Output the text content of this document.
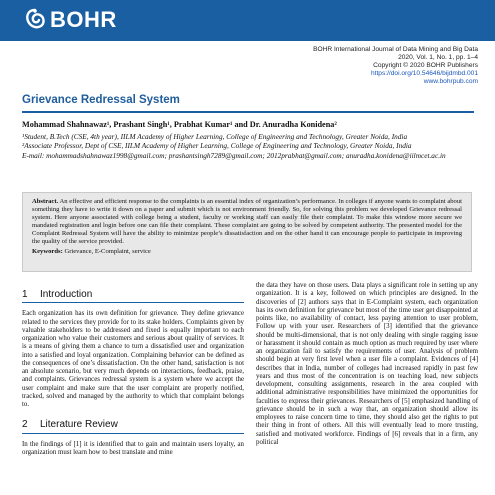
BOHR
BOHR International Journal of Data Mining and Big Data
2020, Vol. 1, No. 1, pp. 1–4
Copyright © 2020 BOHR Publishers
https://doi.org/10.54646/bijdmbd.001
www.bohrpub.com
Grievance Redressal System
Mohammad Shahnawaz¹, Prashant Singh¹, Prabhat Kumar¹ and Dr. Anuradha Konidena²

¹Student, B.Tech (CSE, 4th year), IILM Academy of Higher Learning, College of Engineering and Technology, Greater Noida, India

²Associate Professor, Dept of CSE, IILM Academy of Higher Learning, College of Engineering and Technology, Greater Noida, India

E-mail: mohammadshahnawaz1998@gmail.com; prashantsingh7289@gmail.com; 2012prabhat@gmail.com; anuradha.konidena@iilmcet.ac.in

Abstract. An effective and efficient response to the complaints is an essential index of organization’s performance. In colleges if anyone wants to complaint about something they have to write it down on a paper and submit which is not environment friendly. So, for solving this problem we developed Grievance redressal system. Here anyone associated with college being a student, faculty or working staff can easily file their complaint. To make this window more secure we mandated registration and login before one can file their complaint. These complaint are going to be solved by competent authority. The presented model for the Complaint Redressal System will have the ability to minimize people’s dissatisfaction and on the other hand it can encourage people to participate in improving the quality of the service provided.
Keywords: Grievance, E-Complaint, service
1 Introduction

Each organization has its own definition for grievance. They define grievance related to the services they provide for to its stake holders. Complaints given by valuable stakeholders to be addressed and fixed is equally important to each organization who value their customers and serious about quality of services. It is a means of giving them a chance to turn a dissatisfied user and organization into a satisfied and loyal organization. Complaining behavior can be defined as the consequences of one’s dissatisfaction. On the other hand, satisfaction is not an absolute scenario, but very much depends on interactions, feedback, praise, and complaints. Grievances redressal system is a system where we accept the user complaint and make sure that the user complaint are properly notified, tracked, solved and managed by the authority to which that complaint belongs to.

2 Literature Review

In the findings of [1] it is identified that to gain and maintain users loyalty, an organization must learn how to best translate and mine

the data they have on those users. Data plays a significant role in setting up any organization. It is a key, followed on which principles are designed. In the discoveries of [2] authors says that in E-Complaint system, each organization has its own definition for grievance but most of the time user get disappointed at points like, no availability of contact, less paying attention to user problem, Follow up with your user. Researchers of [3] identified that the grievance should be multi-dimensional, that is not only dealing with single ragging issue or harassment it should contain as much option as much required by user where an organization fail to satisfy the requirements of user. Analysis of problem should begin at very first level when a user file a complaint. Evidences of [4] describes that in India, number of colleges had increased rapidly in past few years and thus most of the concentration is on teaching load, new subjects development, consulting assignments, research in the area coupled with additional administrative responsibilities have minimized the opportunities for faculties to express their grievances. Researchers of [5] emphasized handling of grievance should be in such a way that, an organization should allow its employees to raise concern time to time, they should also get the rights to put their thing in front of others. All this will eventually lead to more trusting, satisfied and motivated workforce. Findings of [6] reveals that in a firm, any political
